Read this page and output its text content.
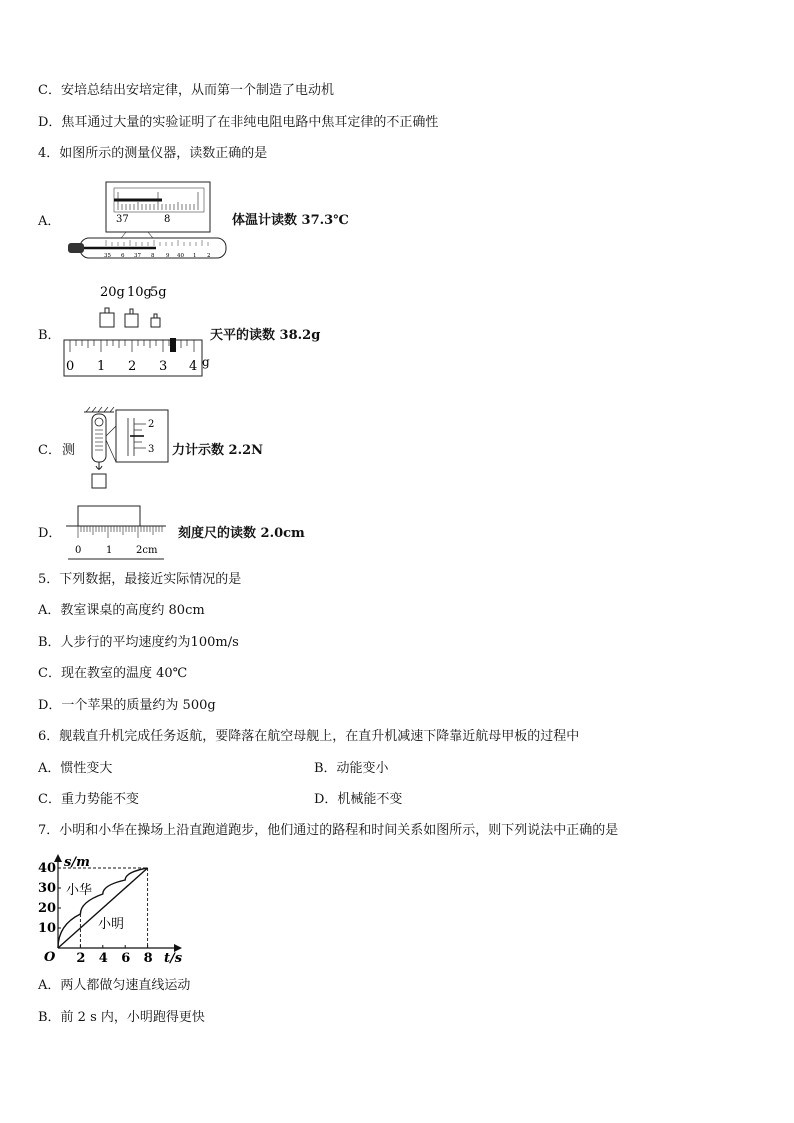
C．安培总结出安培定律，从而第一个制造了电动机
D．焦耳通过大量的实验证明了在非纯电阻电路中焦耳定律的不正确性
4．如图所示的测量仪器，读数正确的是
A．	37	8
35 6 37 8 9 40 1 2
体温计读数 37.3℃
B．
20g 10g
5g
0 1 2 3 4 g
天平的读数 38.2g
C． 测
2
3 力计示数 2.2N
D．
0 1 2cm
刻度尺的读数 2.0cm
5．下列数据，最接近实际情况的是
A．教室课桌的高度约 80cm
B．人步行的平均速度约为100m/s
C．现在教室的温度 40℃
D．一个苹果的质量约为 500g
6．舰载直升机完成任务返航，要降落在航空母舰上，在直升机减速下降靠近航母甲板的过程中
A．惯性变大	B．动能变小
C．重力势能不变	D．机械能不变
7．小明和小华在操场上沿直跑道跑步，他们通过的路程和时间关系如图所示，则下列说法中正确的是
s/m
t/s
O
10
20
30
40
2 4 6 8
小华
小明
A．两人都做匀速直线运动
B．前 2 s 内，小明跑得更快
